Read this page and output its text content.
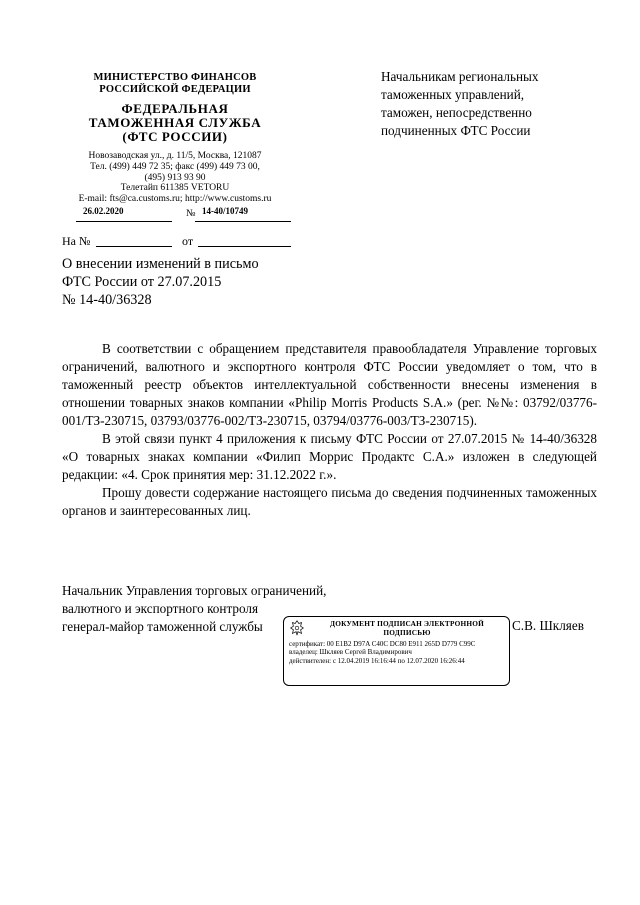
МИНИСТЕРСТВО ФИНАНСОВ
РОССИЙСКОЙ ФЕДЕРАЦИИ
ФЕДЕРАЛЬНАЯ
ТАМОЖЕННАЯ СЛУЖБА
(ФТС РОССИИ)
Новозаводская ул., д. 11/5, Москва, 121087
Тел. (499) 449 72 35; факс (499) 449 73 00,
(495) 913 93 90
Телетайп 611385 VETORU
E-mail: fts@ca.customs.ru; http://www.customs.ru
26.02.2020	№ 14-40/10749
На №	от
О внесении изменений в письмо
ФТС России от 27.07.2015
№ 14-40/36328
Начальникам региональных
таможенных управлений,
таможен, непосредственно
подчиненных ФТС России

В соответствии с обращением представителя правообладателя Управление торговых ограничений, валютного и экспортного контроля ФТС России уведомляет о том, что в таможенный реестр объектов интеллектуальной собственности внесены изменения в отношении товарных знаков компании «Philip Morris Products S.A.» (рег. №№: 03792/03776-001/ТЗ-230715, 03793/03776-002/ТЗ-230715, 03794/03776-003/ТЗ-230715).

В этой связи пункт 4 приложения к письму ФТС России от 27.07.2015 № 14-40/36328 «О товарных знаках компании «Филип Моррис Продактс С.А.» изложен в следующей редакции: «4. Срок принятия мер: 31.12.2022 г.».

Прошу довести содержание настоящего письма до сведения подчиненных таможенных органов и заинтересованных лиц.

Начальник Управления торговых ограничений,
валютного и экспортного контроля
генерал-майор таможенной службы	ДОКУМЕНТ ПОДПИСАН ЭЛЕКТРОННОЙ
ПОДПИСЬЮ
сертификат: 00 E1B2 D97A C40C DC80 E911 265D D779 C99C
владелец: Шкляев Сергей Владимирович
действителен: с 12.04.2019 16:16:44 по 12.07.2020 16:26:44
С.В. Шкляев
